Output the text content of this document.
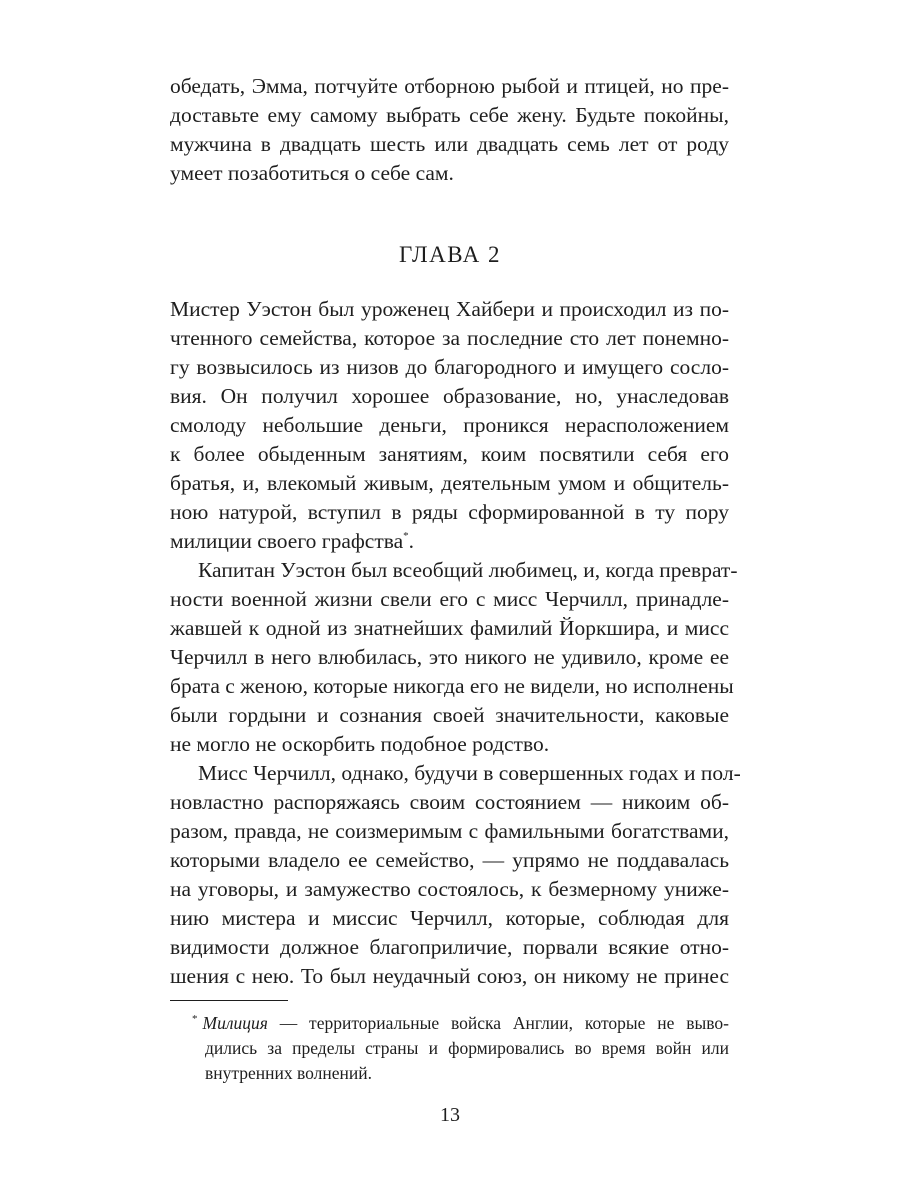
обедать, Эмма, потчуйте отборною рыбой и птицей, но пре-
доставьте ему самому выбрать себе жену. Будьте покойны,
мужчина в двадцать шесть или двадцать семь лет от роду
умеет позаботиться о себе сам.
ГЛАВА 2
Мистер Уэстон был уроженец Хайбери и происходил из по-
чтенного семейства, которое за последние сто лет понемно-
гу возвысилось из низов до благородного и имущего сосло-
вия. Он получил хорошее образование, но, унаследовав
смолоду небольшие деньги, проникся нерасположением
к более обыденным занятиям, коим посвятили себя его
братья, и, влекомый живым, деятельным умом и общитель-
ною натурой, вступил в ряды сформированной в ту пору
милиции своего графства*.
Капитан Уэстон был всеобщий любимец, и, когда преврат-
ности военной жизни свели его с мисс Черчилл, принадле-
жавшей к одной из знатнейших фамилий Йоркшира, и мисс
Черчилл в него влюбилась, это никого не удивило, кроме ее
брата с женою, которые никогда его не видели, но исполнены
были гордыни и сознания своей значительности, каковые
не могло не оскорбить подобное родство.
Мисс Черчилл, однако, будучи в совершенных годах и пол-
новластно распоряжаясь своим состоянием — никоим об-
разом, правда, не соизмеримым с фамильными богатствами,
которыми владело ее семейство, — упрямо не поддавалась
на уговоры, и замужество состоялось, к безмерному униже-
нию мистера и миссис Черчилл, которые, соблюдая для
видимости должное благоприличие, порвали всякие отно-
шения с нею. То был неудачный союз, он никому не принес
* Милиция — территориальные войска Англии, которые не выво-
дились за пределы страны и формировались во время войн или
внутренних волнений.
13
